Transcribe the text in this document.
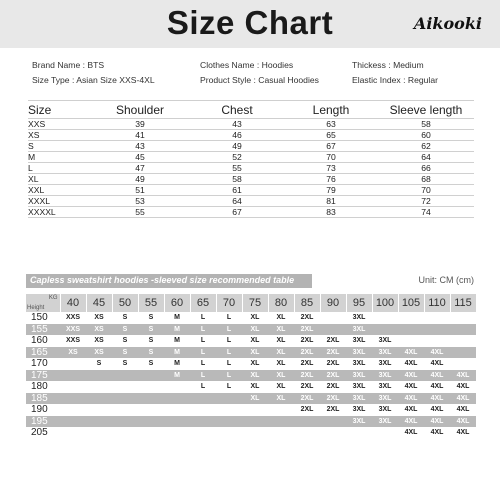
Size Chart	Aikooki
Brand Name : BTS	Clothes Name : Hoodies	Thickess : Medium
Size Type : Asian Size XXS-4XL	Product Style : Casual Hoodies	Elastic Index : Regular
Size	Shoulder	Chest	Length	Sleeve length
XXS	39	43	63	58
XS	41	46	65	60
S	43	49	67	62
M	45	52	70	64
L	47	55	73	66
XL	49	58	76	68
XXL	51	61	79	70
XXXL	53	64	81	72
XXXXL	55	67	83	74
Capless sweatshirt hoodies -sleeved size recommended table	Unit: CM (cm)
KG
Height	40	45	50	55	60	65	70	75	80	85	90	95	100	105	110	115
150	XXS	XS	S	S	M	L	L	XL	XL	2XL		3XL				
155	XXS	XS	S	S	M	L	L	XL	XL	2XL		3XL				
160	XXS	XS	S	S	M	L	L	XL	XL	2XL	2XL	3XL	3XL			
165	XS	XS	S	S	M	L	L	XL	XL	2XL	2XL	3XL	3XL	4XL	4XL	
170		S	S	S	M	L	L	XL	XL	2XL	2XL	3XL	3XL	4XL	4XL	
175					M	L	L	XL	XL	2XL	2XL	3XL	3XL	4XL	4XL	4XL
180						L	L	XL	XL	2XL	2XL	3XL	3XL	4XL	4XL	4XL
185								XL	XL	2XL	2XL	3XL	3XL	4XL	4XL	4XL
190										2XL	2XL	3XL	3XL	4XL	4XL	4XL
195												3XL	3XL	4XL	4XL	4XL
205														4XL	4XL	4XL
